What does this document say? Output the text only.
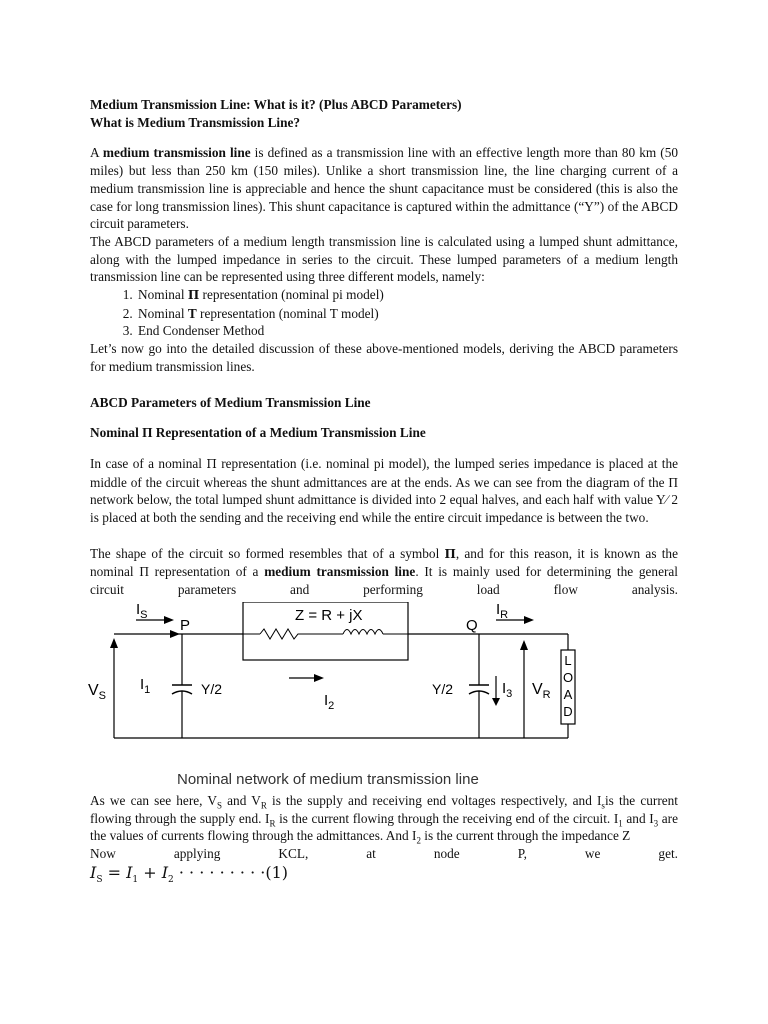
Medium Transmission Line: What is it? (Plus ABCD Parameters)

What is Medium Transmission Line?

A medium transmission line is defined as a transmission line with an effective length more than 80 km (50 miles) but less than 250 km (150 miles). Unlike a short transmission line, the line charging current of a medium transmission line is appreciable and hence the shunt capacitance must be considered (this is also the case for long transmission lines). This shunt capacitance is captured within the admittance (“Y”) of the ABCD circuit parameters.

The ABCD parameters of a medium length transmission line is calculated using a lumped shunt admittance, along with the lumped impedance in series to the circuit. These lumped parameters of a medium length transmission line can be represented using three different models, namely:

1. Nominal Π representation (nominal pi model)
2. Nominal T representation (nominal T model)
3. End Condenser Method

Let’s now go into the detailed discussion of these above-mentioned models, deriving the ABCD parameters for medium transmission lines.

ABCD Parameters of Medium Transmission Line

Nominal Π Representation of a Medium Transmission Line

In case of a nominal Π representation (i.e. nominal pi model), the lumped series impedance is placed at the middle of the circuit whereas the shunt admittances are at the ends. As we can see from the diagram of the Π network below, the total lumped shunt admittance is divided into 2 equal halves, and each half with value Y∕ 2 is placed at both the sending and the receiving end while the entire circuit impedance is between the two.

The shape of the circuit so formed resembles that of a symbol Π, and for this reason, it is known as the nominal Π representation of a medium transmission line. It is mainly used for determining the general circuit parameters and performing load flow analysis.

Z = R + jX
$I_S$
P	Q
$I_R$
$V_S$
$I_1$	Y/2
$I_2$
Y/2	$I_3$ $V_R$
L
O
A
D
Nominal network of medium transmission line

As we can see here, $V_S$ and $V_R$ is the supply and receiving end voltages respectively, and $I_sis$ the current flowing through the supply end. $I_R$ is the current flowing through the receiving end of the circuit. $I_1$ and $I_3$ are the values of currents flowing through the admittances. And $I_2$ is the current through the impedance Z

Now applying KCL, at node P, we get.

$I_S = I_1 + I_2$ · · · · · · · · ·(1)
